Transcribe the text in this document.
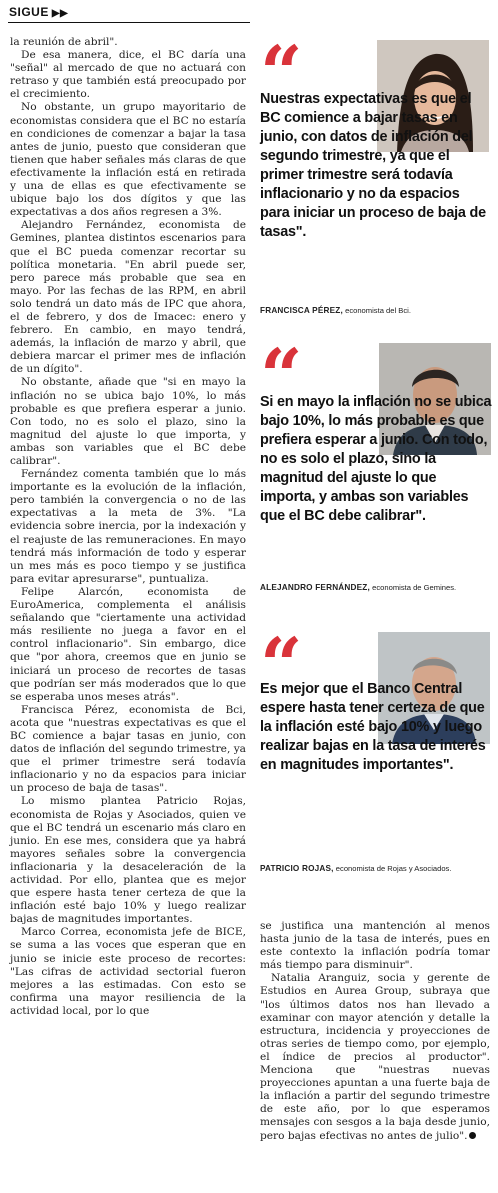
SIGUE ▶▶

la reunión de abril".

De esa manera, dice, el BC daría una "señal" al mercado de que no actuará con retraso y que también está preocupado por el crecimiento.

No obstante, un grupo mayoritario de economistas considera que el BC no estaría en condiciones de comenzar a bajar la tasa antes de junio, puesto que consideran que tienen que haber señales más claras de que efectivamente la inflación está en retirada y una de ellas es que efectivamente se ubique bajo los dos dígitos y que las expectativas a dos años regresen a 3%.

Alejandro Fernández, economista de Gemines, plantea distintos escenarios para que el BC pueda comenzar recortar su política monetaria. "En abril puede ser, pero parece más probable que sea en mayo. Por las fechas de las RPM, en abril solo tendrá un dato más de IPC que ahora, el de febrero, y dos de Imacec: enero y febrero. En cambio, en mayo tendrá, además, la inflación de marzo y abril, que debiera marcar el primer mes de inflación de un dígito".

No obstante, añade que "si en mayo la inflación no se ubica bajo 10%, lo más probable es que prefiera esperar a junio. Con todo, no es solo el plazo, sino la magnitud del ajuste lo que importa, y ambas son variables que el BC debe calibrar".

Fernández comenta también que lo más importante es la evolución de la inflación, pero también la convergencia o no de las expectativas a la meta de 3%. "La evidencia sobre inercia, por la indexación y el reajuste de las remuneraciones. En mayo tendrá más información de todo y esperar un mes más es poco tiempo y se justifica para evitar apresurarse", puntualiza.

Felipe Alarcón, economista de EuroAmerica, complementa el análisis señalando que "ciertamente una actividad más resiliente no juega a favor en el control inflacionario". Sin embargo, dice que "por ahora, creemos que en junio se iniciará un proceso de recortes de tasas que podrían ser más moderados que lo que se esperaba unos meses atrás".

Francisca Pérez, economista de Bci, acota que "nuestras expectativas es que el BC comience a bajar tasas en junio, con datos de inflación del segundo trimestre, ya que el primer trimestre será todavía inflacionario y no da espacios para iniciar un proceso de baja de tasas".

Lo mismo plantea Patricio Rojas, economista de Rojas y Asociados, quien ve que el BC tendrá un escenario más claro en junio. En ese mes, considera que ya habrá mayores señales sobre la convergencia inflacionaria y la desaceleración de la actividad. Por ello, plantea que es mejor que espere hasta tener certeza de que la inflación esté bajo 10% y luego realizar bajas de magnitudes importantes.

Marco Correa, economista jefe de BICE, se suma a las voces que esperan que en junio se inicie este proceso de recortes: "Las cifras de actividad sectorial fueron mejores a las estimadas. Con esto se confirma una mayor resiliencia de la actividad local, por lo que

“
Nuestras expectativas es que el BC comience a bajar tasas en junio, con datos de inflación del segundo trimestre, ya que el primer trimestre será todavía inflacionario y no da espacios para iniciar un proceso de baja de tasas".
FRANCISCA PÉREZ, economista del Bci.
“
Si en mayo la inflación no se ubica bajo 10%, lo más probable es que prefiera esperar a junio. Con todo, no es solo el plazo, sino la magnitud del ajuste lo que importa, y ambas son variables que el BC debe calibrar".
ALEJANDRO FERNÁNDEZ, economista de Gemines.
“
Es mejor que el Banco Central espere hasta tener certeza de que la inflación esté bajo 10% y luego realizar bajas en la tasa de interés en magnitudes importantes".
PATRICIO ROJAS, economista de Rojas y Asociados.

se justifica una mantención al menos hasta junio de la tasa de interés, pues en este contexto la inflación podría tomar más tiempo para disminuir".

Natalia Aranguiz, socia y gerente de Estudios en Aurea Group, subraya que "los últimos datos nos han llevado a examinar con mayor atención y detalle la estructura, incidencia y proyecciones de otras series de tiempo como, por ejemplo, el índice de precios al productor". Menciona que "nuestras nuevas proyecciones apuntan a una fuerte baja de la inflación a partir del segundo trimestre de este año, por lo que esperamos mensajes con sesgos a la baja desde junio, pero bajas efectivas no antes de julio".
